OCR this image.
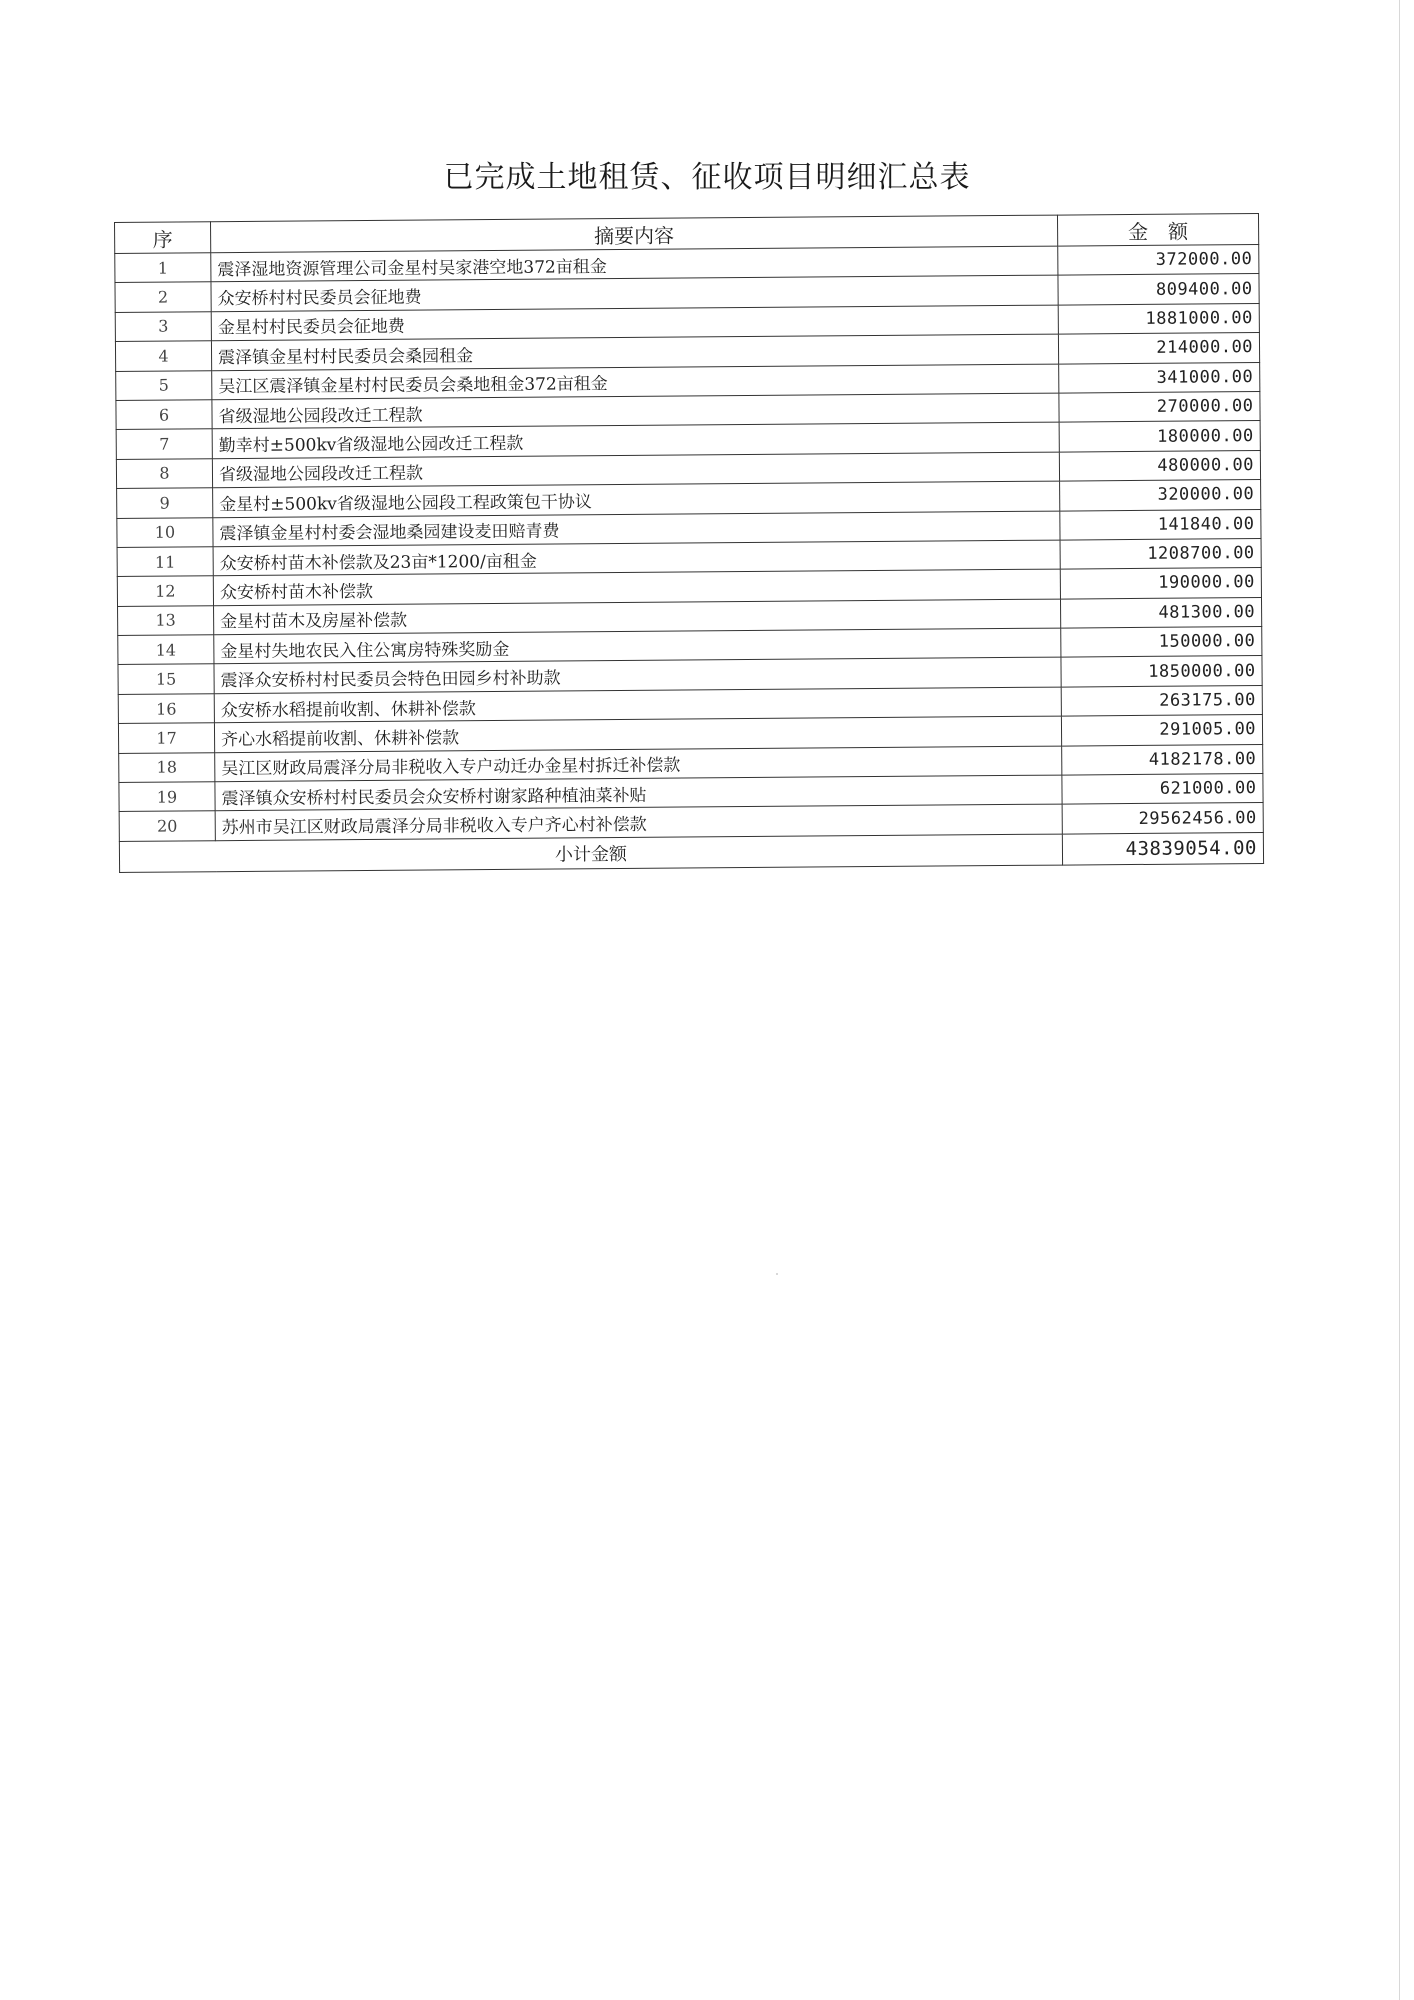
已完成土地租赁、征收项目明细汇总表
序	摘要内容	金　额
1	震泽湿地资源管理公司金星村吴家港空地372亩租金	372000.00
2	众安桥村村民委员会征地费	809400.00
3	金星村村民委员会征地费	1881000.00
4	震泽镇金星村村民委员会桑园租金	214000.00
5	吴江区震泽镇金星村村民委员会桑地租金372亩租金	341000.00
6	省级湿地公园段改迁工程款	270000.00
7	勤幸村±500kv省级湿地公园改迁工程款	180000.00
8	省级湿地公园段改迁工程款	480000.00
9	金星村±500kv省级湿地公园段工程政策包干协议	320000.00
10	震泽镇金星村村委会湿地桑园建设麦田赔青费	141840.00
11	众安桥村苗木补偿款及23亩*1200/亩租金	1208700.00
12	众安桥村苗木补偿款	190000.00
13	金星村苗木及房屋补偿款	481300.00
14	金星村失地农民入住公寓房特殊奖励金	150000.00
15	震泽众安桥村村民委员会特色田园乡村补助款	1850000.00
16	众安桥水稻提前收割、休耕补偿款	263175.00
17	齐心水稻提前收割、休耕补偿款	291005.00
18	吴江区财政局震泽分局非税收入专户动迁办金星村拆迁补偿款	4182178.00
19	震泽镇众安桥村村民委员会众安桥村谢家路种植油菜补贴	621000.00
20	苏州市吴江区财政局震泽分局非税收入专户齐心村补偿款	29562456.00
小计金额		43839054.00
